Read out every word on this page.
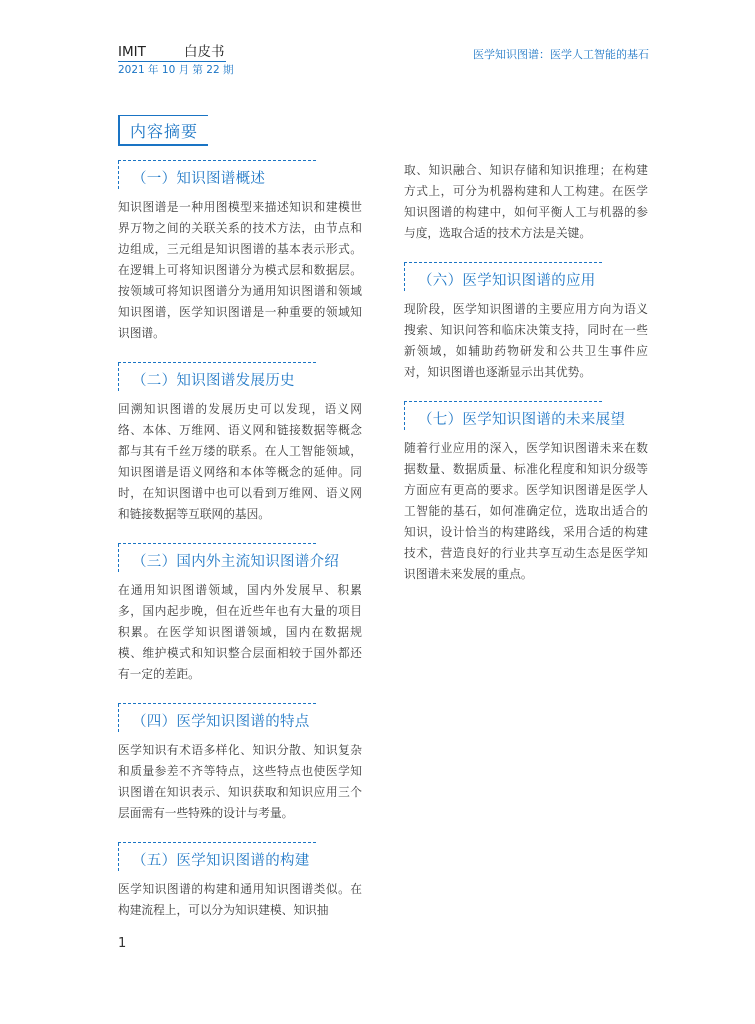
IMIT	白皮书
2021 年 10 月 第 22 期
医学知识图谱：医学人工智能的基石
内容摘要
（一）知识图谱概述
知识图谱是一种用图模型来描述知识和建模世界万物之间的关联关系的技术方法，由节点和边组成，三元组是知识图谱的基本表示形式。在逻辑上可将知识图谱分为模式层和数据层。按领域可将知识图谱分为通用知识图谱和领域知识图谱，医学知识图谱是一种重要的领域知识图谱。
（二）知识图谱发展历史
回溯知识图谱的发展历史可以发现，语义网络、本体、万维网、语义网和链接数据等概念都与其有千丝万缕的联系。在人工智能领域，知识图谱是语义网络和本体等概念的延伸。同时，在知识图谱中也可以看到万维网、语义网和链接数据等互联网的基因。
（三）国内外主流知识图谱介绍
在通用知识图谱领域，国内外发展早、积累多，国内起步晚，但在近些年也有大量的项目积累。在医学知识图谱领域，国内在数据规模、维护模式和知识整合层面相较于国外都还有一定的差距。
（四）医学知识图谱的特点
医学知识有术语多样化、知识分散、知识复杂和质量参差不齐等特点，这些特点也使医学知识图谱在知识表示、知识获取和知识应用三个层面需有一些特殊的设计与考量。
（五）医学知识图谱的构建
医学知识图谱的构建和通用知识图谱类似。在构建流程上，可以分为知识建模、知识抽
取、知识融合、知识存储和知识推理；在构建方式上，可分为机器构建和人工构建。在医学知识图谱的构建中，如何平衡人工与机器的参与度，选取合适的技术方法是关键。
（六）医学知识图谱的应用
现阶段，医学知识图谱的主要应用方向为语义搜索、知识问答和临床决策支持，同时在一些新领域，如辅助药物研发和公共卫生事件应对，知识图谱也逐渐显示出其优势。
（七）医学知识图谱的未来展望
随着行业应用的深入，医学知识图谱未来在数据数量、数据质量、标准化程度和知识分级等方面应有更高的要求。医学知识图谱是医学人工智能的基石，如何准确定位，选取出适合的知识，设计恰当的构建路线，采用合适的构建技术，营造良好的行业共享互动生态是医学知识图谱未来发展的重点。
1
